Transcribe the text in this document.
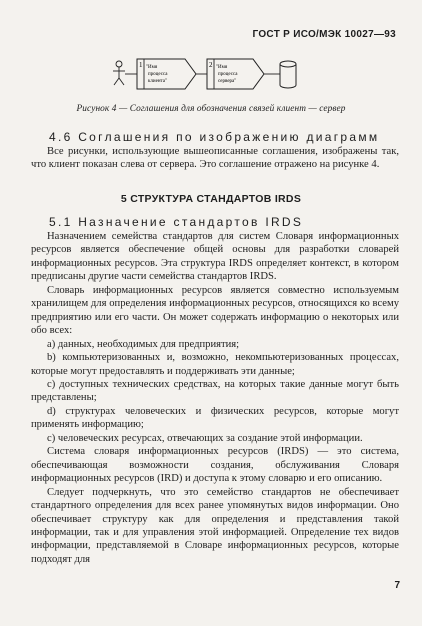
ГОСТ Р ИСО/МЭК 10027—93
1 "Имя
процесса
клиента"
2 "Имя
процесса
сервера"
Рисунок 4 — Соглашения для обозначения связей клиент — сервер
4.6 Соглашения по изображению диаграмм

Все рисунки, использующие вышеописанные соглашения, изображены так, что клиент показан слева от сервера. Это соглашение отражено на рисунке 4.

5 СТРУКТУРА СТАНДАРТОВ IRDS
5.1 Назначение стандартов IRDS

Назначением семейства стандартов для систем Словаря информационных ресурсов является обеспечение общей основы для разработки словарей информационных ресурсов. Эта структура IRDS определяет контекст, в котором предписаны другие части семейства стандартов IRDS.

Словарь информационных ресурсов является совместно используемым хранилищем для определения информационных ресурсов, относящихся ко всему предприятию или его части. Он может содержать информацию о некоторых или обо всех:

а) данных, необходимых для предприятия;

b) компьютеризованных и, возможно, некомпьютеризованных процессах, которые могут предоставлять и поддерживать эти данные;

с) доступных технических средствах, на которых такие данные могут быть представлены;

d) структурах человеческих и физических ресурсов, которые могут применять информацию;

с) человеческих ресурсах, отвечающих за создание этой информации.

Система словаря информационных ресурсов (IRDS) — это система, обеспечивающая возможности создания, обслуживания Словаря информационных ресурсов (IRD) и доступа к этому словарю и его описанию.

Следует подчеркнуть, что это семейство стандартов не обеспечивает стандартного определения для всех ранее упомянутых видов информации. Оно обеспечивает структуру как для определения и представления такой информации, так и для управления этой информацией. Определение тех видов информации, представляемой в Словаре информационных ресурсов, которые подходят для

7
